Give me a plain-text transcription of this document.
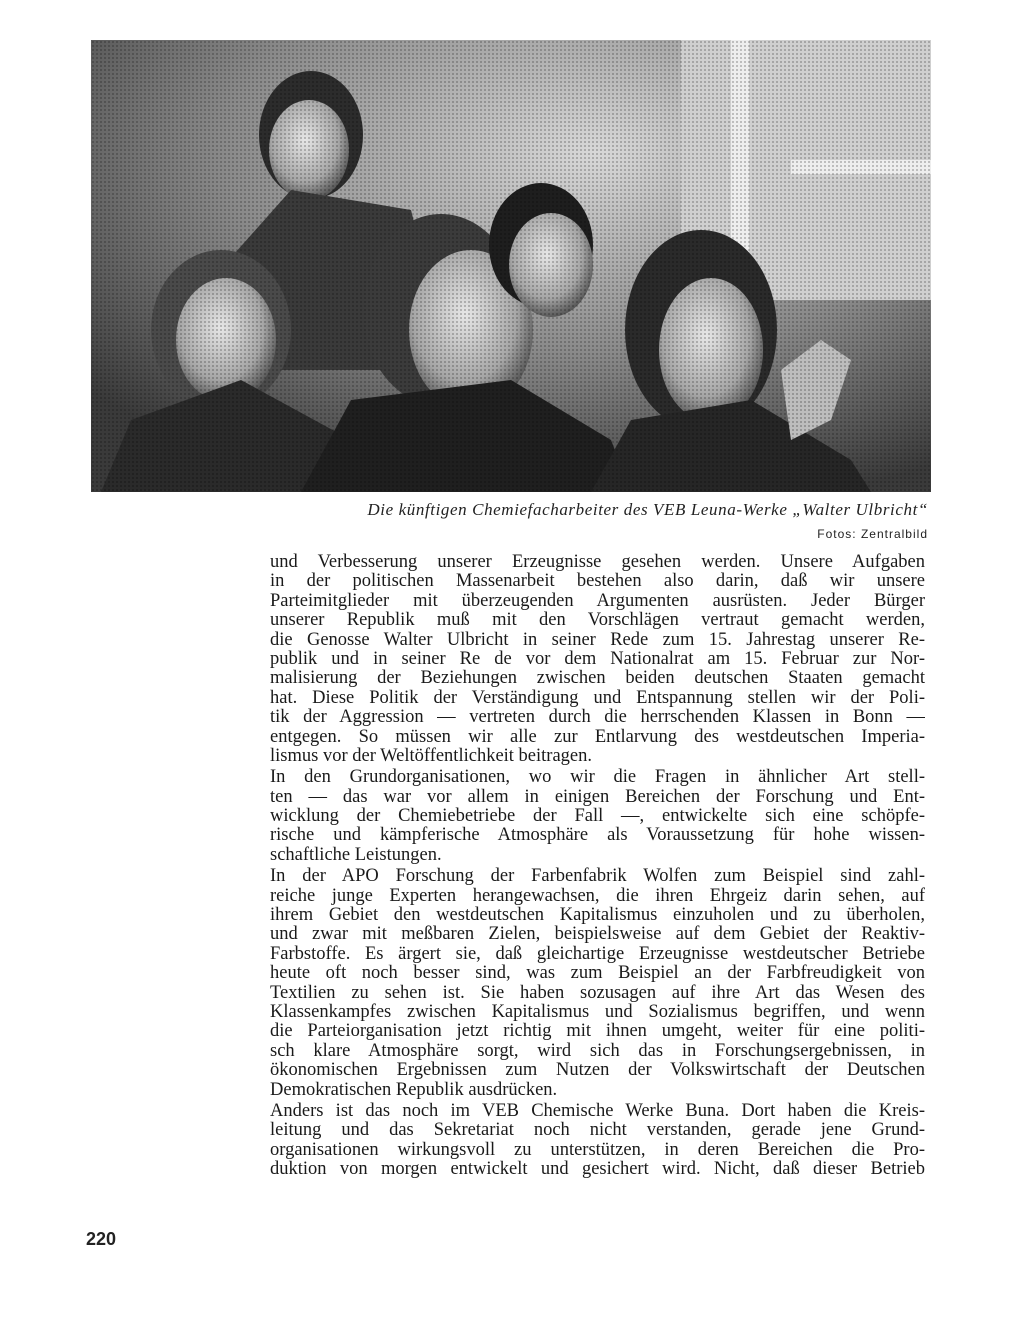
Die künftigen Chemiefacharbeiter des VEB Leuna-Werke „Walter Ulbricht“
Fotos: Zentralbild
und Verbesserung unserer Erzeugnisse gesehen werden. Unsere Aufgaben
in der politischen Massenarbeit bestehen also darin, daß wir unsere
Parteimitglieder mit überzeugenden Argumenten ausrüsten. Jeder Bürger
unserer Republik muß mit den Vorschlägen vertraut gemacht werden,
die Genosse Walter Ulbricht in seiner Rede zum 15. Jahrestag unserer Re-
publik und in seiner Re de vor dem Nationalrat am 15. Februar zur Nor-
malisierung der Beziehungen zwischen beiden deutschen Staaten gemacht
hat. Diese Politik der Verständigung und Entspannung stellen wir der Poli-
tik der Aggression — vertreten durch die herrschenden Klassen in Bonn —
entgegen. So müssen wir alle zur Entlarvung des westdeutschen Imperia-
lismus vor der Weltöffentlichkeit beitragen.
In den Grundorganisationen, wo wir die Fragen in ähnlicher Art stell-
ten — das war vor allem in einigen Bereichen der Forschung und Ent-
wicklung der Chemiebetriebe der Fall —, entwickelte sich eine schöpfe-
rische und kämpferische Atmosphäre als Voraussetzung für hohe wissen-
schaftliche Leistungen.
In der APO Forschung der Farbenfabrik Wolfen zum Beispiel sind zahl-
reiche junge Experten herangewachsen, die ihren Ehrgeiz darin sehen, auf
ihrem Gebiet den westdeutschen Kapitalismus einzuholen und zu überholen,
und zwar mit meßbaren Zielen, beispielsweise auf dem Gebiet der Reaktiv-
Farbstoffe. Es ärgert sie, daß gleichartige Erzeugnisse westdeutscher Betriebe
heute oft noch besser sind, was zum Beispiel an der Farbfreudigkeit von
Textilien zu sehen ist. Sie haben sozusagen auf ihre Art das Wesen des
Klassenkampfes zwischen Kapitalismus und Sozialismus begriffen, und wenn
die Parteiorganisation jetzt richtig mit ihnen umgeht, weiter für eine politi-
sch klare Atmosphäre sorgt, wird sich das in Forschungsergebnissen, in
ökonomischen Ergebnissen zum Nutzen der Volkswirtschaft der Deutschen
Demokratischen Republik ausdrücken.
Anders ist das noch im VEB Chemische Werke Buna. Dort haben die Kreis-
leitung und das Sekretariat noch nicht verstanden, gerade jene Grund-
organisationen wirkungsvoll zu unterstützen, in deren Bereichen die Pro-
duktion von morgen entwickelt und gesichert wird. Nicht, daß dieser Betrieb
220
